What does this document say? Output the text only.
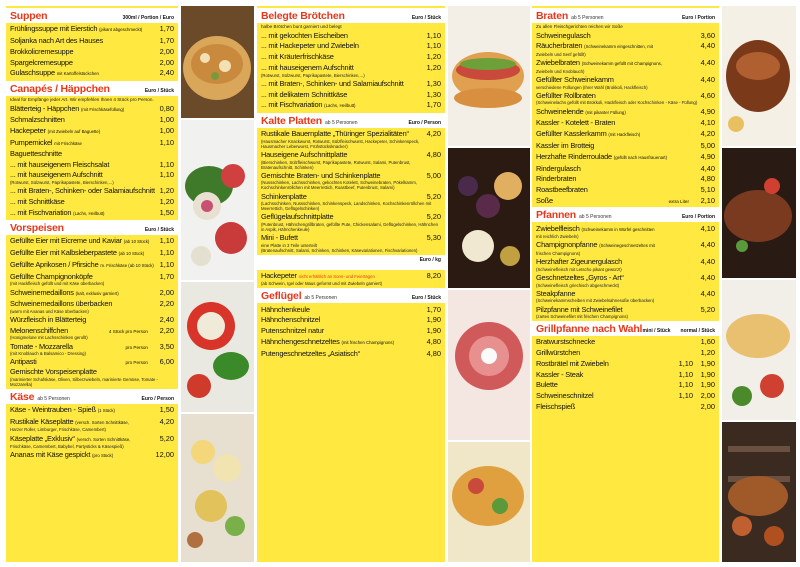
Suppen	300ml / Portion / Euro
Frühlingssuppe mit Eierstich (pikant abgeschmeckt)	1,70
Soljanka nach Art des Hauses	1,70
Brokkolicremesuppe	2,00
Spargelcremesuppe	2,00
Gulaschsuppe mit Kartoffelstückchen	2,40
Canapés / Häppchen	Euro / Stück
Ideal für Empfänge jeder Art. Wir empfehlen Ihnen 4 Stück pro Person.
Blätterteig - Häppchen (mit Frischkäsefüllung)	0,80
Schmalzschnitten	1,00
Hackepeter (mit Zwiebeln auf Baguette)	1,00
Pumpernickel mit Frischkäse	1,10
Baguetteschnitte
... mit hausеigenem Fleischsalat	1,10
... mit hauseigenem Aufschnitt	1,10
(Rotwurst, Sülzwurst, Paprikapastete, Bierschinken,...)
... mit Braten-, Schinken- oder Salamiaufschnitt 1,20
... mit Schnittkäse	1,20
... mit Fischvariation (Lachs, Heilbutt)	1,50
Vorspeisen	Euro / Stück
Gefüllte Eier mit Eicreme und Kaviar (ab 10 Stück)	1,10
Gefüllte Eier mit Kalbsleberpastete (ab 10 Stück)	1,10
Gefüllte Aprikosen / Pfirsiche m. Frischkäse (ab 10 Stück) 1,10
Gefüllte Champignonköpfe	1,70
(mit Hackfleisch gefüllt und mit Käse überbacken)
Schweinemedaillons (kalt, exklusiv garniert)	2,00
Schweinemedaillons überbacken	2,20
(warm mit Ananas und Käse überbacken)
Würzfleisch in Blätterteig	2,40
Melonenschiffchen	4 Stück pro Person	2,20
(Honigmelone mit Lachsschinken gerollt)
Tomate - Mozzarella	pro Person	3,50
(mit Knoblauch & Balsamico - Dressing)
Antipasti	pro Person	6,00
Gemischte Vorspeisenplatte
(marinierter Schafskäse, Oliven, Silberzwiebeln, marinierte Gemüse, Tomate - Mozzarella)
Käse ab 5 Personen	Euro / Person
Käse - Weintrauben - Spieß (1 Stück)	1,50
Rustikale Käseplatte (versch. Sorten Schnittkäse,	4,20
Harzer Roller, Limburger, Frischkäse, Camembert)
Käseplatte „Exklusiv“ (versch. Sorten Schnittkäse,	5,20
Frischkäse, Camembert, Babybel, Partysticks & Käsespieß)
Ananas mit Käse gespickt (pro Stück)	12,00
Belegte Brötchen	Euro / Stück
halbe Brötchen bunt garniert und belegt
... mit gekochten Eischeiben	1,10
... mit Hackepeter und Zwiebeln	1,10
... mit Kräuterfrischkäse	1,20
... mit hauseigenem Aufschnitt	1,20
(Rotwurst, Sülzwurst, Paprikapastete, Bierschinken,...)
... mit Braten-, Schinken- und Salamiaufschnitt	1,30
... mit delikatem Schnittkäse	1,30
... mit Fischvariation (Lachs, Heilbutt)	1,70
Kalte Platten ab 5 Personen	Euro / Person
Rustikale Bauernplatte „Thüringer Spezialitäten“	4,20
(Hausmacher Knackwurst, Rotwurst, Sülzfleischwurst, Hackepeter, Schinkenspeck, Hausmacher Leberwurst, Frühstücksknacker)
Hausеigene Aufschnittplatte	4,80
(Bierschinken, Sülzfleischwurst, Paprikapastete, Rotwurst, Salami, Putenbrust, Bratenaufschnitt, Schinken)
Gemischte Braten- und Schinkenplatte	5,00
(Nussschinken, Lachsschinken, gekochtes Kotelett, Schweinebraten, Pökelkamm, Kochschinkenröllchen mit Meerrettich, Roastbeef, Putenbrust, Salami)
Schinkenplatte	5,20
(Lachsschinken, Nussschinken, Schinkenspeck, Landschinken, Kochschinkenröllchen mit Meerrettich, Geflügelschinken)
Geflügelaufschnittplatte	5,20
(Putenbrust, Hähnchengrillbraten, gefüllte Pute, Chickensalami, Geflügelschinken, Hähnchen in Aspik, Hähnchenkeule)
Mini - Bufett	5,30
eine Platte in 3 Teile unterteilt
(Bratenaufschnitt, Salami, Schinken, Schinken, Käsevariationen, Fischvariationen)
Euro / kg
Hackepeter nicht erhältlich an Sonn- und Feiertagen	8,20
(ab Schwein, Igel oder Maus geformt und mit Zwiebeln garniert)
Geflügel ab 5 Personen	Euro / Stück
Hähnchenkeule	1,70
Hähnchenschnitzel	1,90
Putenschnitzel natur	1,90
Hähnchengeschnetzeltes (mit frischen Champignons)	4,80
Putengeschnetzeltes „Asiatisch“	4,80
Braten ab 5 Personen	Euro / Portion
Zu allen Fleischgerichten reichen wir Soße
Schweinegulasch	3,60
Räucherbraten (Schweinekamm eingeschnitten, mit	4,40
Zwiebeln und Senf gefüllt)
Zwiebelbraten (Schweinekamm gefüllt mit Champignons,	4,40
Zwiebeln und Knoblauch)
Gefüllter Schweinekamm	4,40
verschiedene Füllungen (Ihrer Wahl (Brokkoli, Hackfleisch)
Gefüllter Rollbraten	4,60
(Schweinelachs gefüllt mit Brokkoli, Hackfleisch oder Kochschinken - Käse - Füllung)
Schweinelende (mit pikanter Füllung)	4,90
Kassler - Kotelett - Braten	4,10
Gefüllter Kasslerkamm (mit Hackfleisch)	4,20
Kassler im Brotteig	5,00
Herzhafte Rinderroulade (gefüllt nach Hausfrauenart)	4,90
Rindergulasch	4,40
Rinderbraten	4,80
Roastbeefbraten	5,10
Soße	extra Liter	2,10
Pfannen ab 5 Personen	Euro / Portion
Zwiebelfleisch (Schweinekamm in Würfel geschnitten	4,10
mit reichlich Zwiebeln)
Champignonpfanne (Schweinegeschnetzeltes mit	4,40
frischen Champignons)
Herzhafter Zigeunergulasch	4,40
(Schweinefleisch mit Letscho pikant gewürzt)
Geschnetzeltes „Gyros - Art“	4,40
(Schweinefleisch griechisch abgeschmeckt)
Steakpfanne	4,40
(Schweinekammscheiben mit Zwiebelsahnesoße überbacken)
Pilzpfanne mit Schweinefilet	5,20
(zartes Schweinefilet mit frischen Champignons)
Grillpfanne nach Wahl mini / Stück normal / Stück
Bratwurstschnecke	1,60
Grillwürstchen	1,20
Rostbrätel mit Zwiebeln	1,10	1,90
Kassler - Steak	1,10	1,90
Bulette	1,10	1,90
Schweineschnitzel	1,10	2,00
Fleischspieß	2,00
